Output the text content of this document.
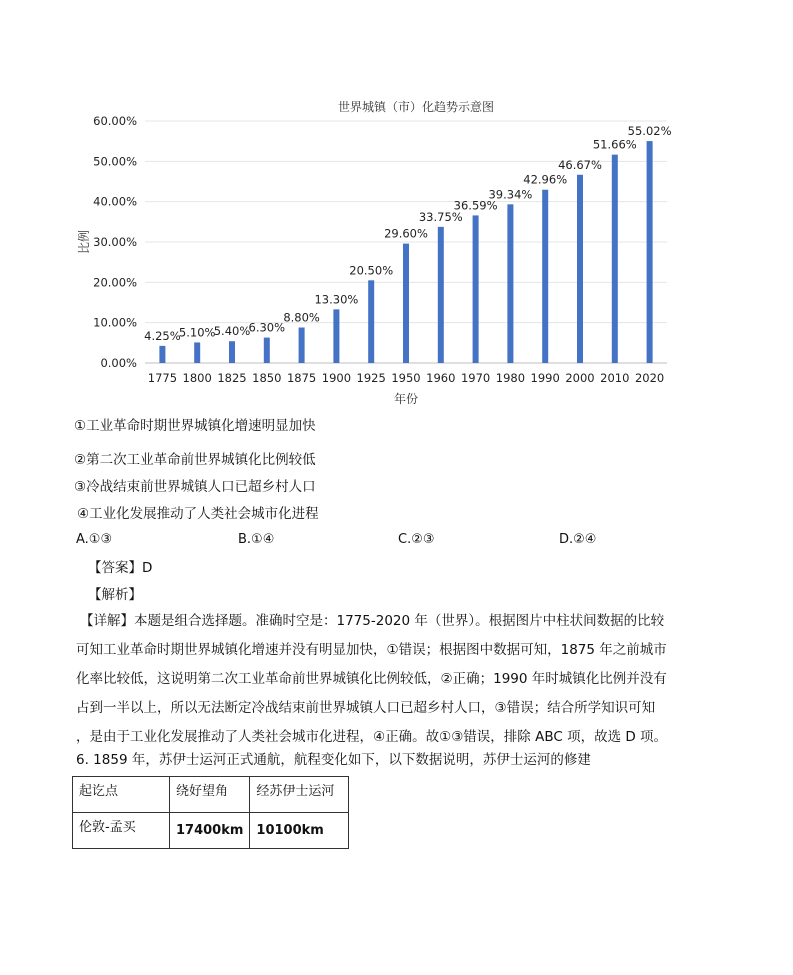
世界城镇（市）化趋势示意图
0.00%
10.00%
20.00%
30.00%
40.00%
50.00%
60.00%
4.25%
5.10%
5.40%
6.30%
8.80%
13.30%
20.50%
29.60%
33.75%
36.59%
39.34%
42.96%
46.67%
51.66%
55.02%
1775 1800 1825 1850 1875 1900 1925 1950 1960 1970 1980 1990 2000 2010 2020
年份
比例
①工业革命时期世界城镇化增速明显加快
②第二次工业革命前世界城镇化比例较低
③冷战结束前世界城镇人口已超乡村人口
④工业化发展推动了人类社会城市化进程
A.①③	B.①④	C.②③	D.②④
【答案】D
【解析】
【详解】本题是组合选择题。准确时空是：1775-2020 年（世界）。根据图片中柱状间数据的比较
可知工业革命时期世界城镇化增速并没有明显加快，①错误；根据图中数据可知，1875 年之前城市
化率比较低，这说明第二次工业革命前世界城镇化比例较低，②正确；1990 年时城镇化比例并没有
占到一半以上，所以无法断定冷战结束前世界城镇人口已超乡村人口，③错误；结合所学知识可知
，是由于工业化发展推动了人类社会城市化进程，④正确。故①③错误，排除 ABC 项，故选 D 项。
6. 1859 年，苏伊士运河正式通航，航程变化如下，以下数据说明，苏伊士运河的修建
起讫点	绕好望角	经苏伊士运河
伦敦-孟买	17400km	10100km
